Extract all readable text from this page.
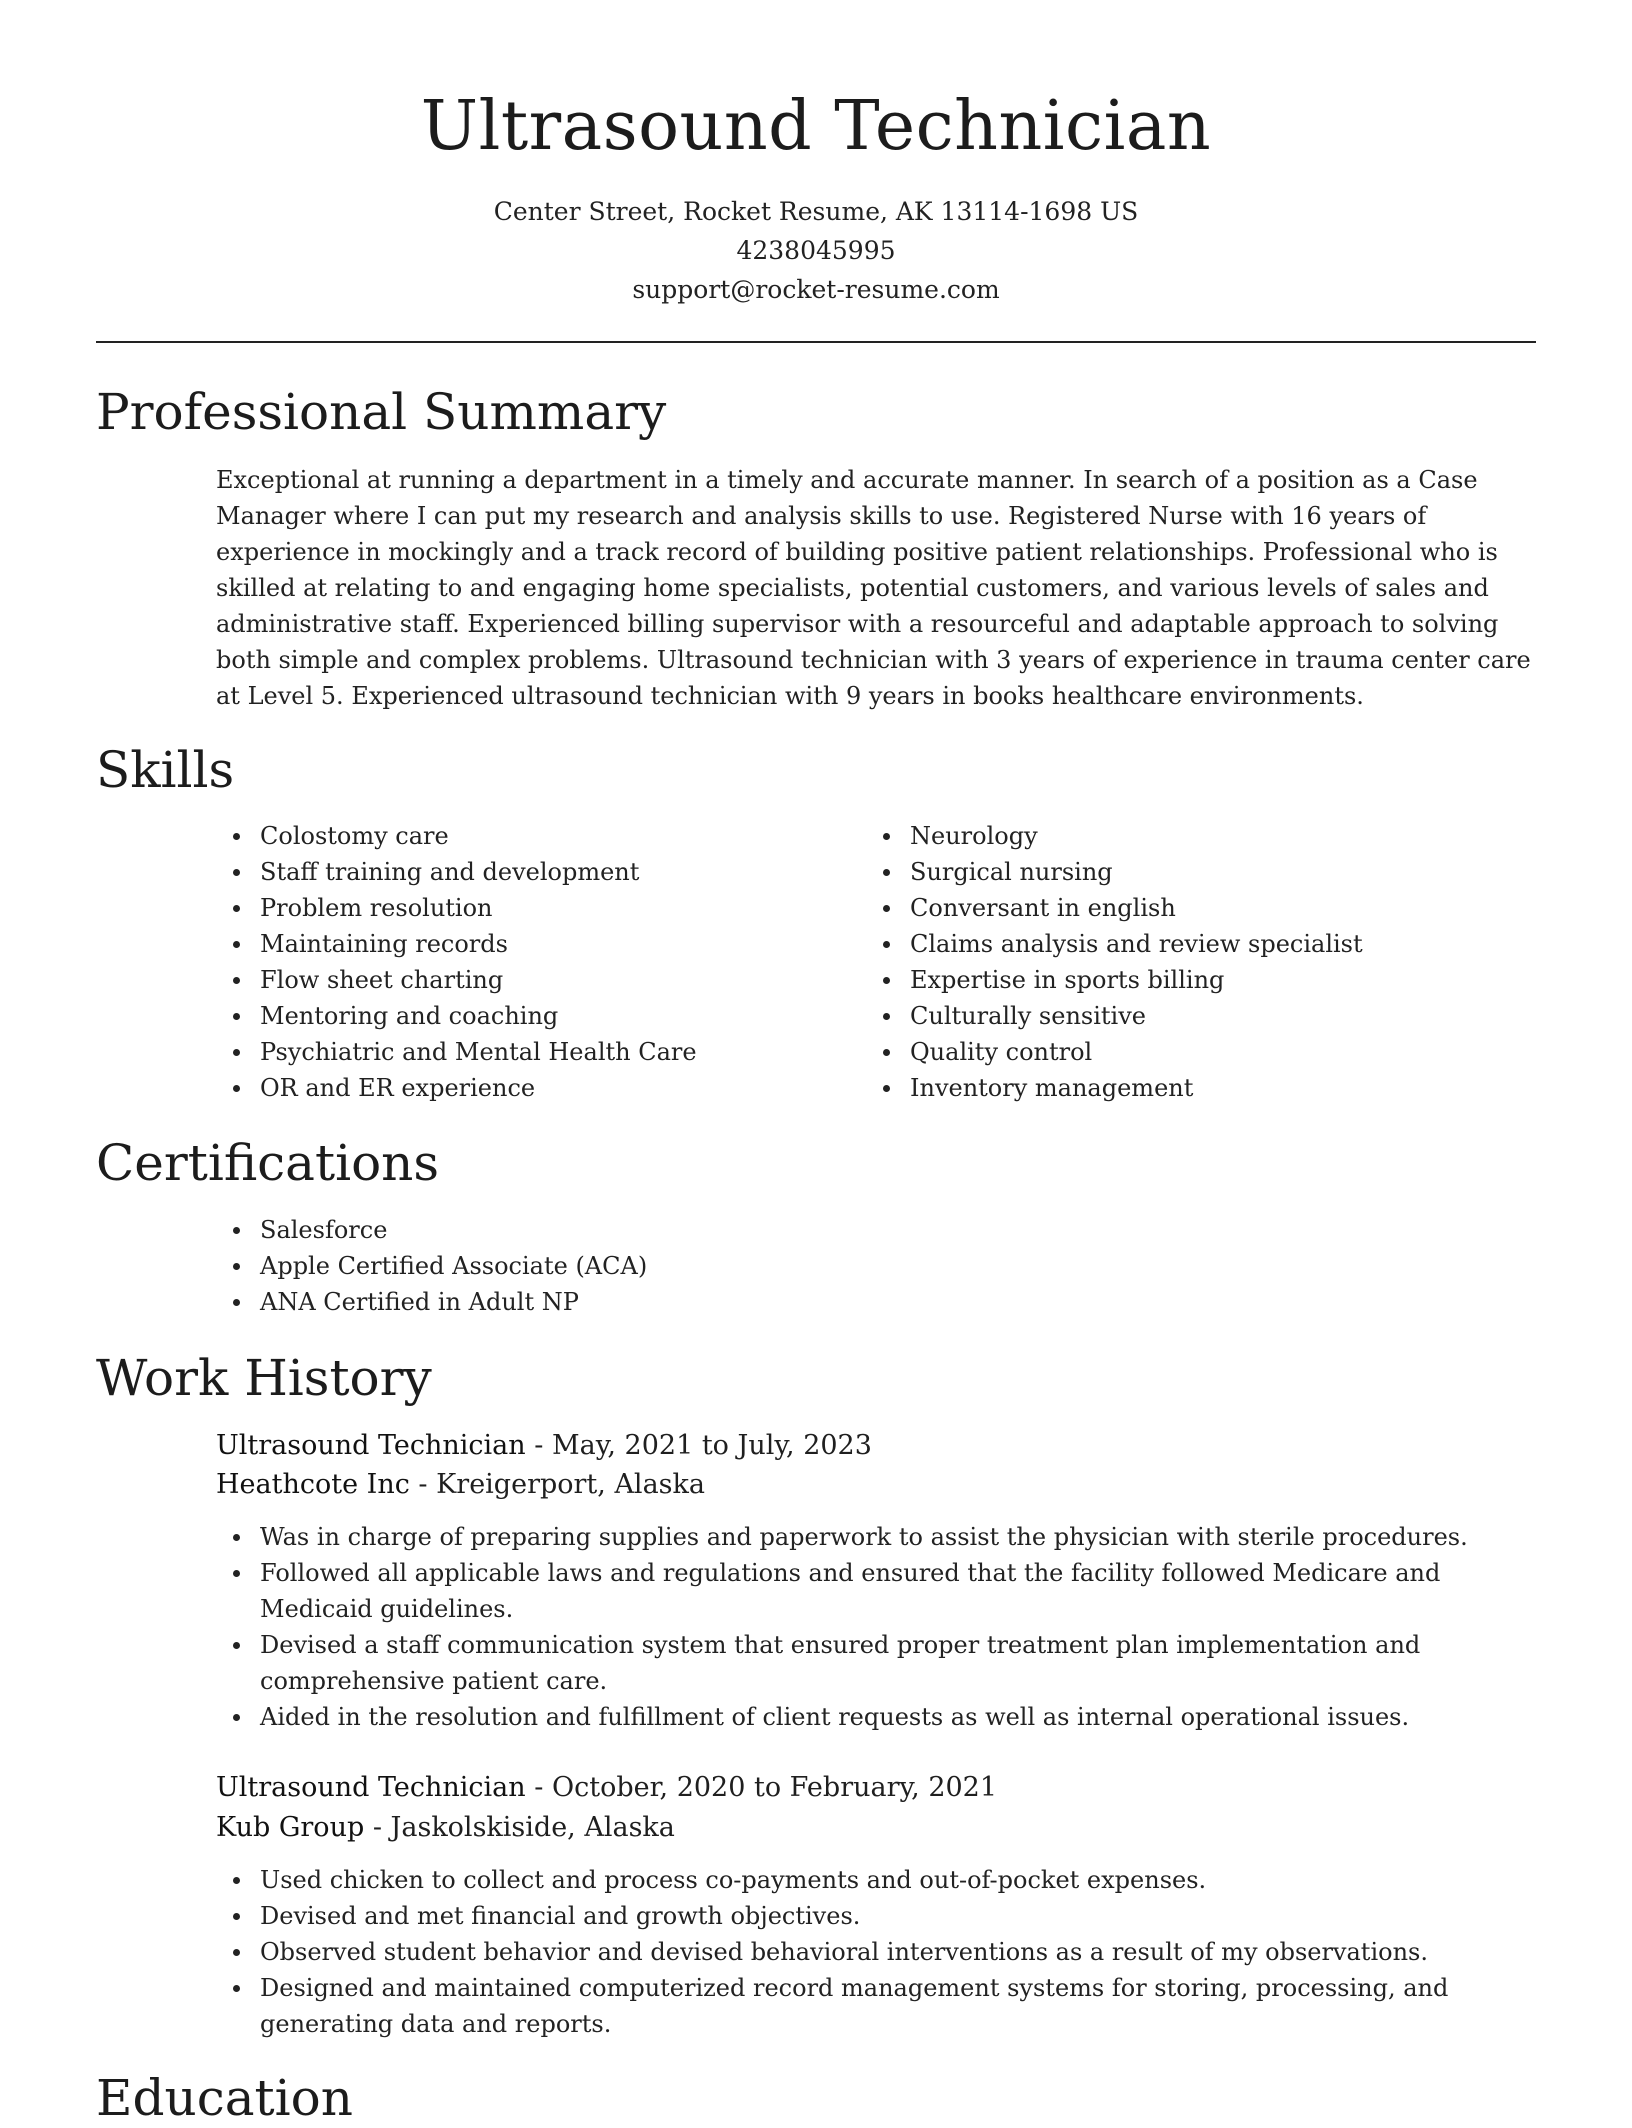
Ultrasound Technician
Center Street, Rocket Resume, AK 13114-1698 US
4238045995
support@rocket-resume.com
Professional Summary

Exceptional at running a department in a timely and accurate manner. In search of a position as a Case Manager where I can put my research and analysis skills to use. Registered Nurse with 16 years of experience in mockingly and a track record of building positive patient relationships. Professional who is skilled at relating to and engaging home specialists, potential customers, and various levels of sales and administrative staff. Experienced billing supervisor with a resourceful and adaptable approach to solving both simple and complex problems. Ultrasound technician with 3 years of experience in trauma center care at Level 5. Experienced ultrasound technician with 9 years in books healthcare environments.

Skills
Colostomy care
Staff training and development
Problem resolution
Maintaining records
Flow sheet charting
Mentoring and coaching
Psychiatric and Mental Health Care
OR and ER experience
Neurology
Surgical nursing
Conversant in english
Claims analysis and review specialist
Expertise in sports billing
Culturally sensitive
Quality control
Inventory management
Certifications
Salesforce
Apple Certified Associate (ACA)
ANA Certified in Adult NP
Work History
Ultrasound Technician - May, 2021 to July, 2023
Heathcote Inc - Kreigerport, Alaska
Was in charge of preparing supplies and paperwork to assist the physician with sterile procedures.
Followed all applicable laws and regulations and ensured that the facility followed Medicare and Medicaid guidelines.
Devised a staff communication system that ensured proper treatment plan implementation and comprehensive patient care.
Aided in the resolution and fulfillment of client requests as well as internal operational issues.
Ultrasound Technician - October, 2020 to February, 2021
Kub Group - Jaskolskiside, Alaska
Used chicken to collect and process co-payments and out-of-pocket expenses.
Devised and met financial and growth objectives.
Observed student behavior and devised behavioral interventions as a result of my observations.
Designed and maintained computerized record management systems for storing, processing, and generating data and reports.
Education
